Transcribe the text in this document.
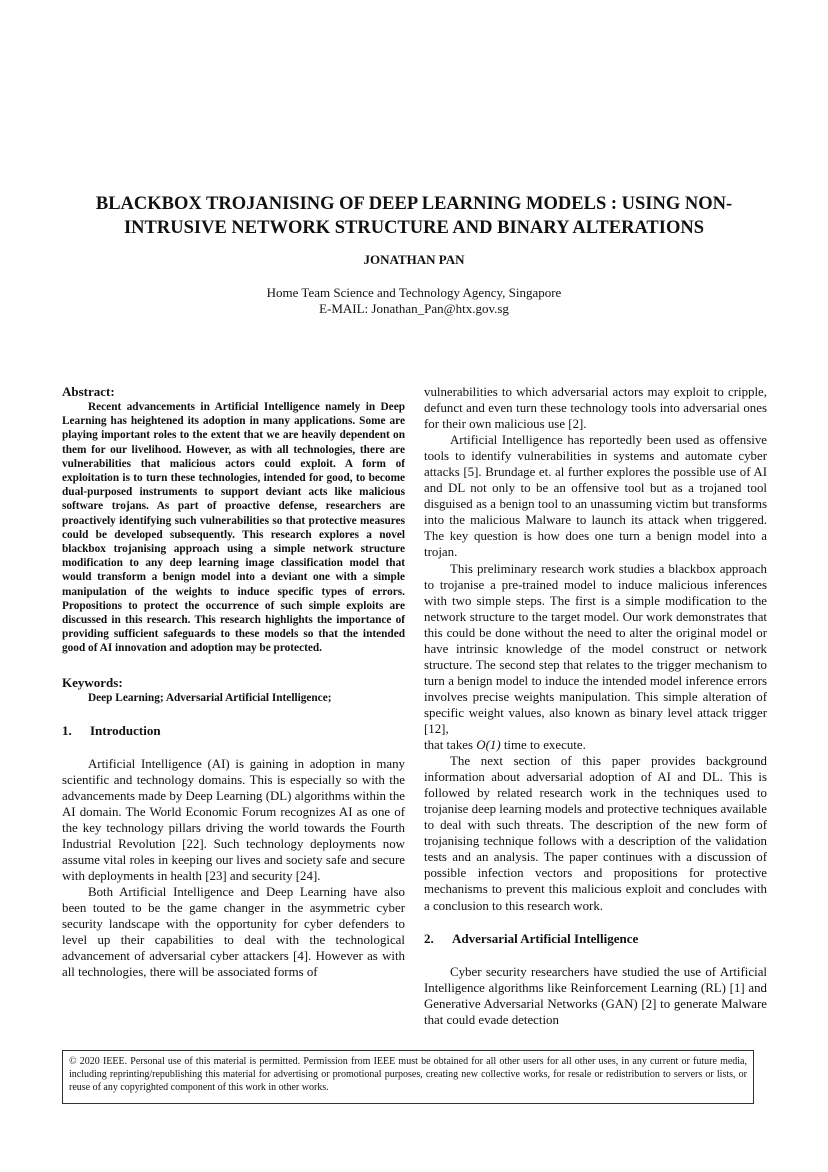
BLACKBOX TROJANISING OF DEEP LEARNING MODELS : USING NON-INTRUSIVE NETWORK STRUCTURE AND BINARY ALTERATIONS
JONATHAN PAN
Home Team Science and Technology Agency, Singapore
E-MAIL: Jonathan_Pan@htx.gov.sg

Abstract:

Recent advancements in Artificial Intelligence namely in Deep Learning has heightened its adoption in many applications. Some are playing important roles to the extent that we are heavily dependent on them for our livelihood. However, as with all technologies, there are vulnerabilities that malicious actors could exploit. A form of exploitation is to turn these technologies, intended for good, to become dual-purposed instruments to support deviant acts like malicious software trojans. As part of proactive defense, researchers are proactively identifying such vulnerabilities so that protective measures could be developed subsequently. This research explores a novel blackbox trojanising approach using a simple network structure modification to any deep learning image classification model that would transform a benign model into a deviant one with a simple manipulation of the weights to induce specific types of errors. Propositions to protect the occurrence of such simple exploits are discussed in this research. This research highlights the importance of providing sufficient safeguards to these models so that the intended good of AI innovation and adoption may be protected.

Keywords:

Deep Learning; Adversarial Artificial Intelligence;

1.	Introduction

Artificial Intelligence (AI) is gaining in adoption in many scientific and technology domains. This is especially so with the advancements made by Deep Learning (DL) algorithms within the AI domain. The World Economic Forum recognizes AI as one of the key technology pillars driving the world towards the Fourth Industrial Revolution [22]. Such technology deployments now assume vital roles in keeping our lives and society safe and secure with deployments in health [23] and security [24].

Both Artificial Intelligence and Deep Learning have also been touted to be the game changer in the asymmetric cyber security landscape with the opportunity for cyber defenders to level up their capabilities to deal with the technological advancement of adversarial cyber attackers [4]. However as with all technologies, there will be associated forms of

vulnerabilities to which adversarial actors may exploit to cripple, defunct and even turn these technology tools into adversarial ones for their own malicious use [2].

Artificial Intelligence has reportedly been used as offensive tools to identify vulnerabilities in systems and automate cyber attacks [5]. Brundage et. al further explores the possible use of AI and DL not only to be an offensive tool but as a trojaned tool disguised as a benign tool to an unassuming victim but transforms into the malicious Malware to launch its attack when triggered. The key question is how does one turn a benign model into a trojan.

This preliminary research work studies a blackbox approach to trojanise a pre-trained model to induce malicious inferences with two simple steps. The first is a simple modification to the network structure to the target model. Our work demonstrates that this could be done without the need to alter the original model or have intrinsic knowledge of the model construct or network structure. The second step that relates to the trigger mechanism to turn a benign model to induce the intended model inference errors involves precise weights manipulation. This simple alteration of specific weight values, also known as binary level attack trigger [12],

that takes O(1) time to execute.

The next section of this paper provides background information about adversarial adoption of AI and DL. This is followed by related research work in the techniques used to trojanise deep learning models and protective techniques available to deal with such threats. The description of the new form of trojanising technique follows with a description of the validation tests and an analysis. The paper continues with a discussion of possible infection vectors and propositions for protective mechanisms to prevent this malicious exploit and concludes with a conclusion to this research work.

2.	Adversarial Artificial Intelligence

Cyber security researchers have studied the use of Artificial Intelligence algorithms like Reinforcement Learning (RL) [1] and Generative Adversarial Networks (GAN) [2] to generate Malware that could evade detection

© 2020 IEEE. Personal use of this material is permitted. Permission from IEEE must be obtained for all other users for all other uses, in any current or future media, including reprinting/republishing this material for advertising or promotional purposes, creating new collective works, for resale or redistribution to servers or lists, or reuse of any copyrighted component of this work in other works.
